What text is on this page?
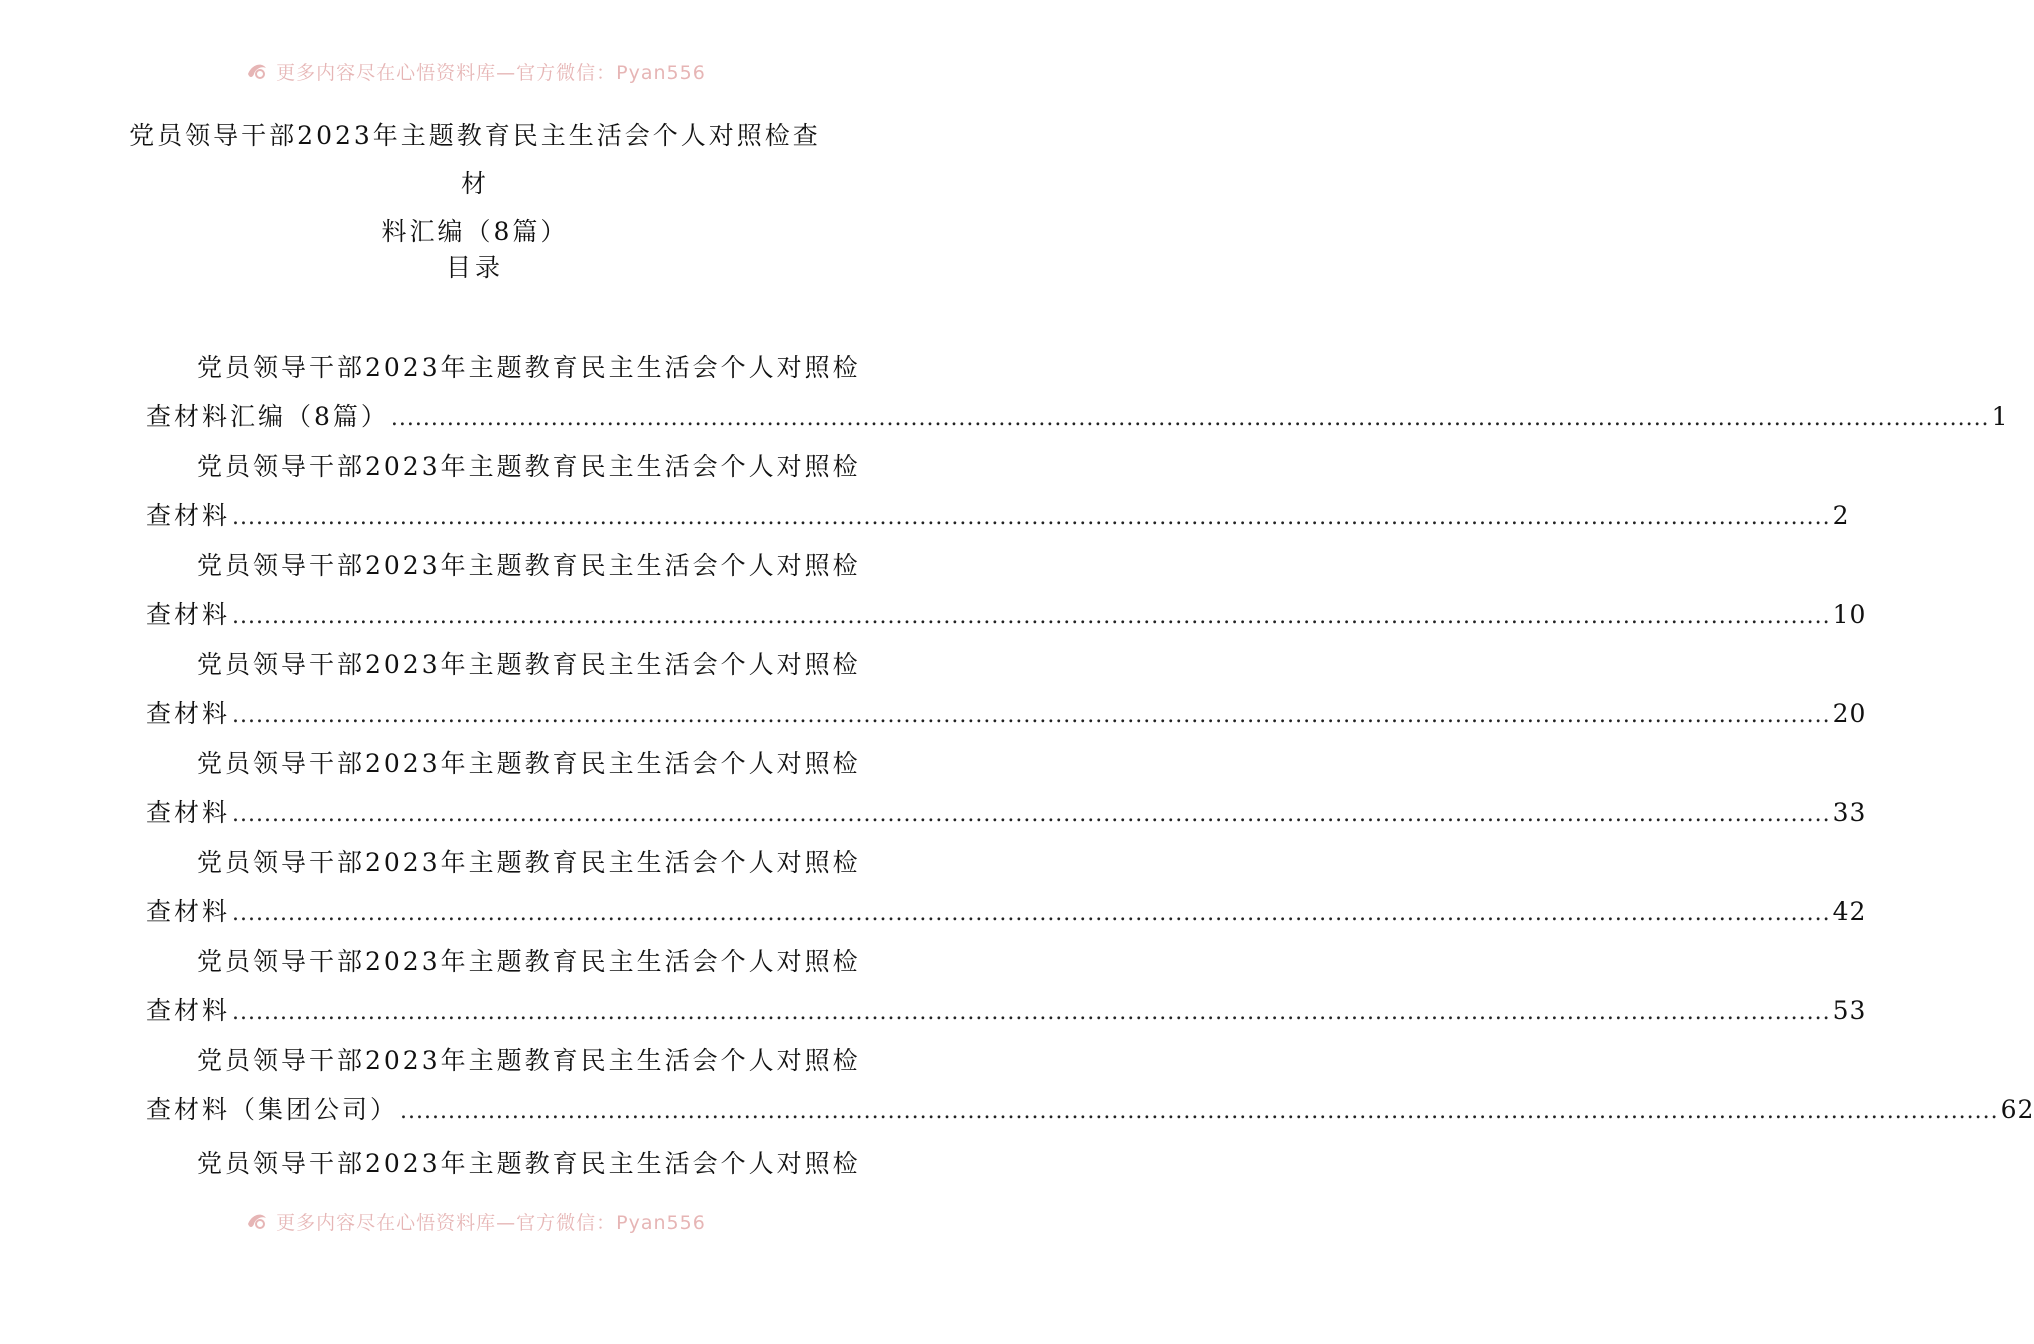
更多内容尽在心悟资料库—官方微信：Pyan556
党员领导干部2023年主题教育民主生活会个人对照检查材
料汇编（8篇）
目录
党员领导干部2023年主题教育民主生活会个人对照检
查材料汇编（8篇） ........................................................................................................................................................................................................ 1
党员领导干部2023年主题教育民主生活会个人对照检
查材料 ........................................................................................................................................................................................................ 2
党员领导干部2023年主题教育民主生活会个人对照检
查材料 ........................................................................................................................................................................................................ 10
党员领导干部2023年主题教育民主生活会个人对照检
查材料 ........................................................................................................................................................................................................ 20
党员领导干部2023年主题教育民主生活会个人对照检
查材料 ........................................................................................................................................................................................................ 33
党员领导干部2023年主题教育民主生活会个人对照检
查材料 ........................................................................................................................................................................................................ 42
党员领导干部2023年主题教育民主生活会个人对照检
查材料 ........................................................................................................................................................................................................ 53
党员领导干部2023年主题教育民主生活会个人对照检
查材料（集团公司） ........................................................................................................................................................................................................ 62
党员领导干部2023年主题教育民主生活会个人对照检
更多内容尽在心悟资料库—官方微信：Pyan556
